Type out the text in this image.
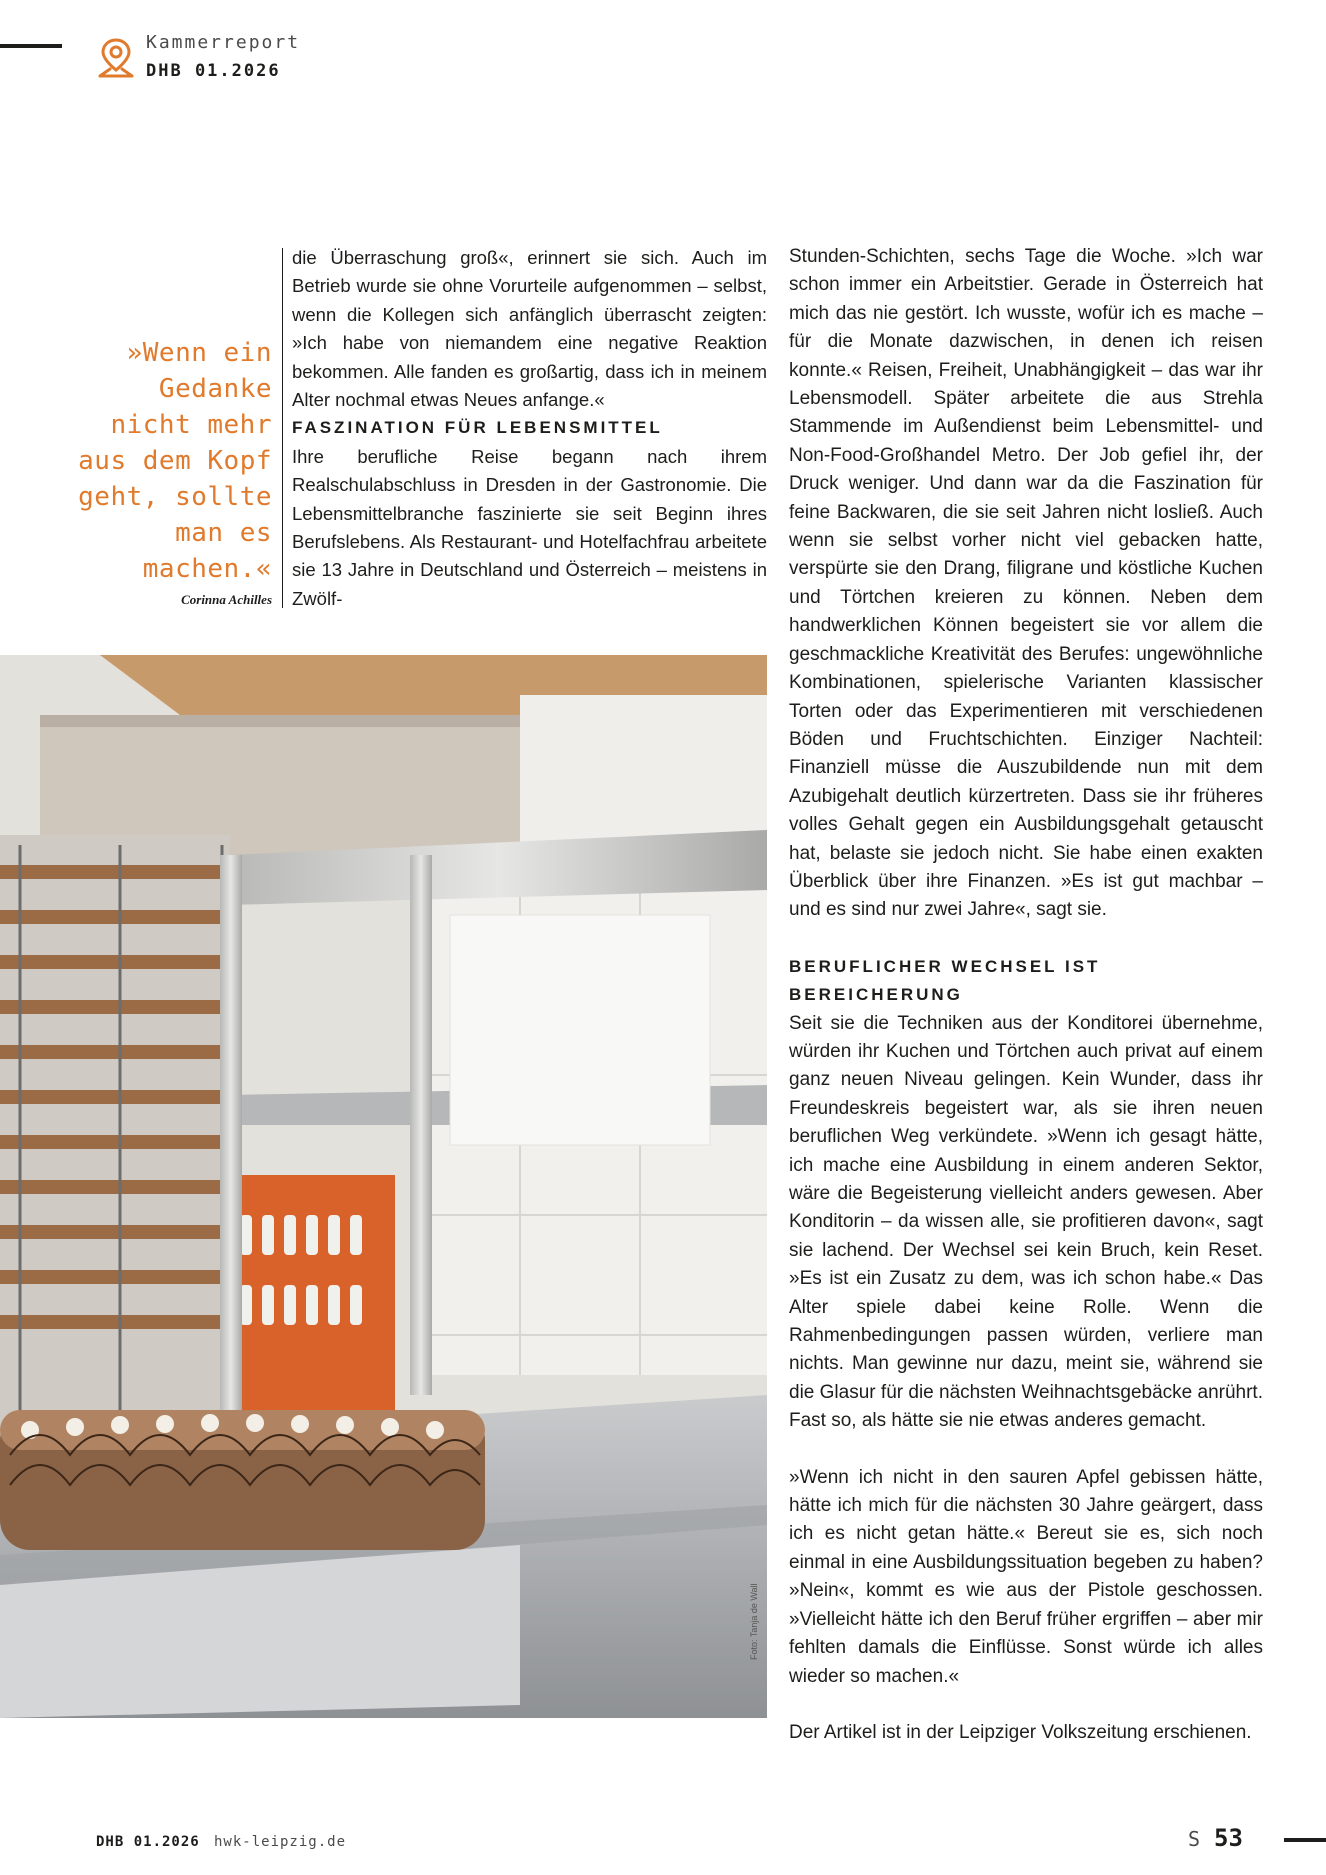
Kammerreport
DHB 01.2026
»Wenn ein Gedanke nicht mehr aus dem Kopf geht, sollte man es machen.«
Corinna Achilles

die Überraschung groß«, erinnert sie sich. Auch im Betrieb wurde sie ohne Vorurteile aufgenommen – selbst, wenn die Kollegen sich anfänglich überrascht zeigten: »Ich habe von niemandem eine negative Reaktion bekommen. Alle fanden es großartig, dass ich in meinem Alter nochmal etwas Neues anfange.«

FASZINATION FÜR LEBENSMITTEL

Ihre berufliche Reise begann nach ihrem Realschulabschluss in Dresden in der Gastronomie. Die Lebensmittelbranche faszinierte sie seit Beginn ihres Berufslebens. Als Restaurant- und Hotelfachfrau arbeitete sie 13 Jahre in Deutschland und Österreich – meistens in Zwölf-

Foto: Tanja de Wall

Stunden-Schichten, sechs Tage die Woche. »Ich war schon immer ein Arbeitstier. Gerade in Österreich hat mich das nie gestört. Ich wusste, wofür ich es mache – für die Monate dazwischen, in denen ich reisen konnte.« Reisen, Freiheit, Unabhängigkeit – das war ihr Lebensmodell. Später arbeitete die aus Strehla Stammende im Außendienst beim Lebensmittel- und Non-Food-Großhandel Metro. Der Job gefiel ihr, der Druck weniger. Und dann war da die Faszination für feine Backwaren, die sie seit Jahren nicht losließ. Auch wenn sie selbst vorher nicht viel gebacken hatte, verspürte sie den Drang, filigrane und köstliche Kuchen und Törtchen kreieren zu können. Neben dem handwerklichen Können begeistert sie vor allem die geschmackliche Kreativität des Berufes: ungewöhnliche Kombinationen, spielerische Varianten klassischer Torten oder das Experimentieren mit verschiedenen Böden und Fruchtschichten. Einziger Nachteil: Finanziell müsse die Auszubildende nun mit dem Azubigehalt deutlich kürzertreten. Dass sie ihr früheres volles Gehalt gegen ein Ausbildungsgehalt getauscht hat, belaste sie jedoch nicht. Sie habe einen exakten Überblick über ihre Finanzen. »Es ist gut machbar – und es sind nur zwei Jahre«, sagt sie.

BERUFLICHER WECHSEL IST BEREICHERUNG

Seit sie die Techniken aus der Konditorei übernehme, würden ihr Kuchen und Törtchen auch privat auf einem ganz neuen Niveau gelingen. Kein Wunder, dass ihr Freundeskreis begeistert war, als sie ihren neuen beruflichen Weg verkündete. »Wenn ich gesagt hätte, ich mache eine Ausbildung in einem anderen Sektor, wäre die Begeisterung vielleicht anders gewesen. Aber Konditorin – da wissen alle, sie profitieren davon«, sagt sie lachend. Der Wechsel sei kein Bruch, kein Reset. »Es ist ein Zusatz zu dem, was ich schon habe.« Das Alter spiele dabei keine Rolle. Wenn die Rahmenbedingungen passen würden, verliere man nichts. Man gewinne nur dazu, meint sie, während sie die Glasur für die nächsten Weihnachtsgebäcke anrührt. Fast so, als hätte sie nie etwas anderes gemacht.

»Wenn ich nicht in den sauren Apfel gebissen hätte, hätte ich mich für die nächsten 30 Jahre geärgert, dass ich es nicht getan hätte.« Bereut sie es, sich noch einmal in eine Ausbildungssituation begeben zu haben? »Nein«, kommt es wie aus der Pistole geschossen. »Vielleicht hätte ich den Beruf früher ergriffen – aber mir fehlten damals die Einflüsse. Sonst würde ich alles wieder so machen.«

Der Artikel ist in der Leipziger Volkszeitung erschienen.

DHB 01.2026 hwk-leipzig.de	S 53
